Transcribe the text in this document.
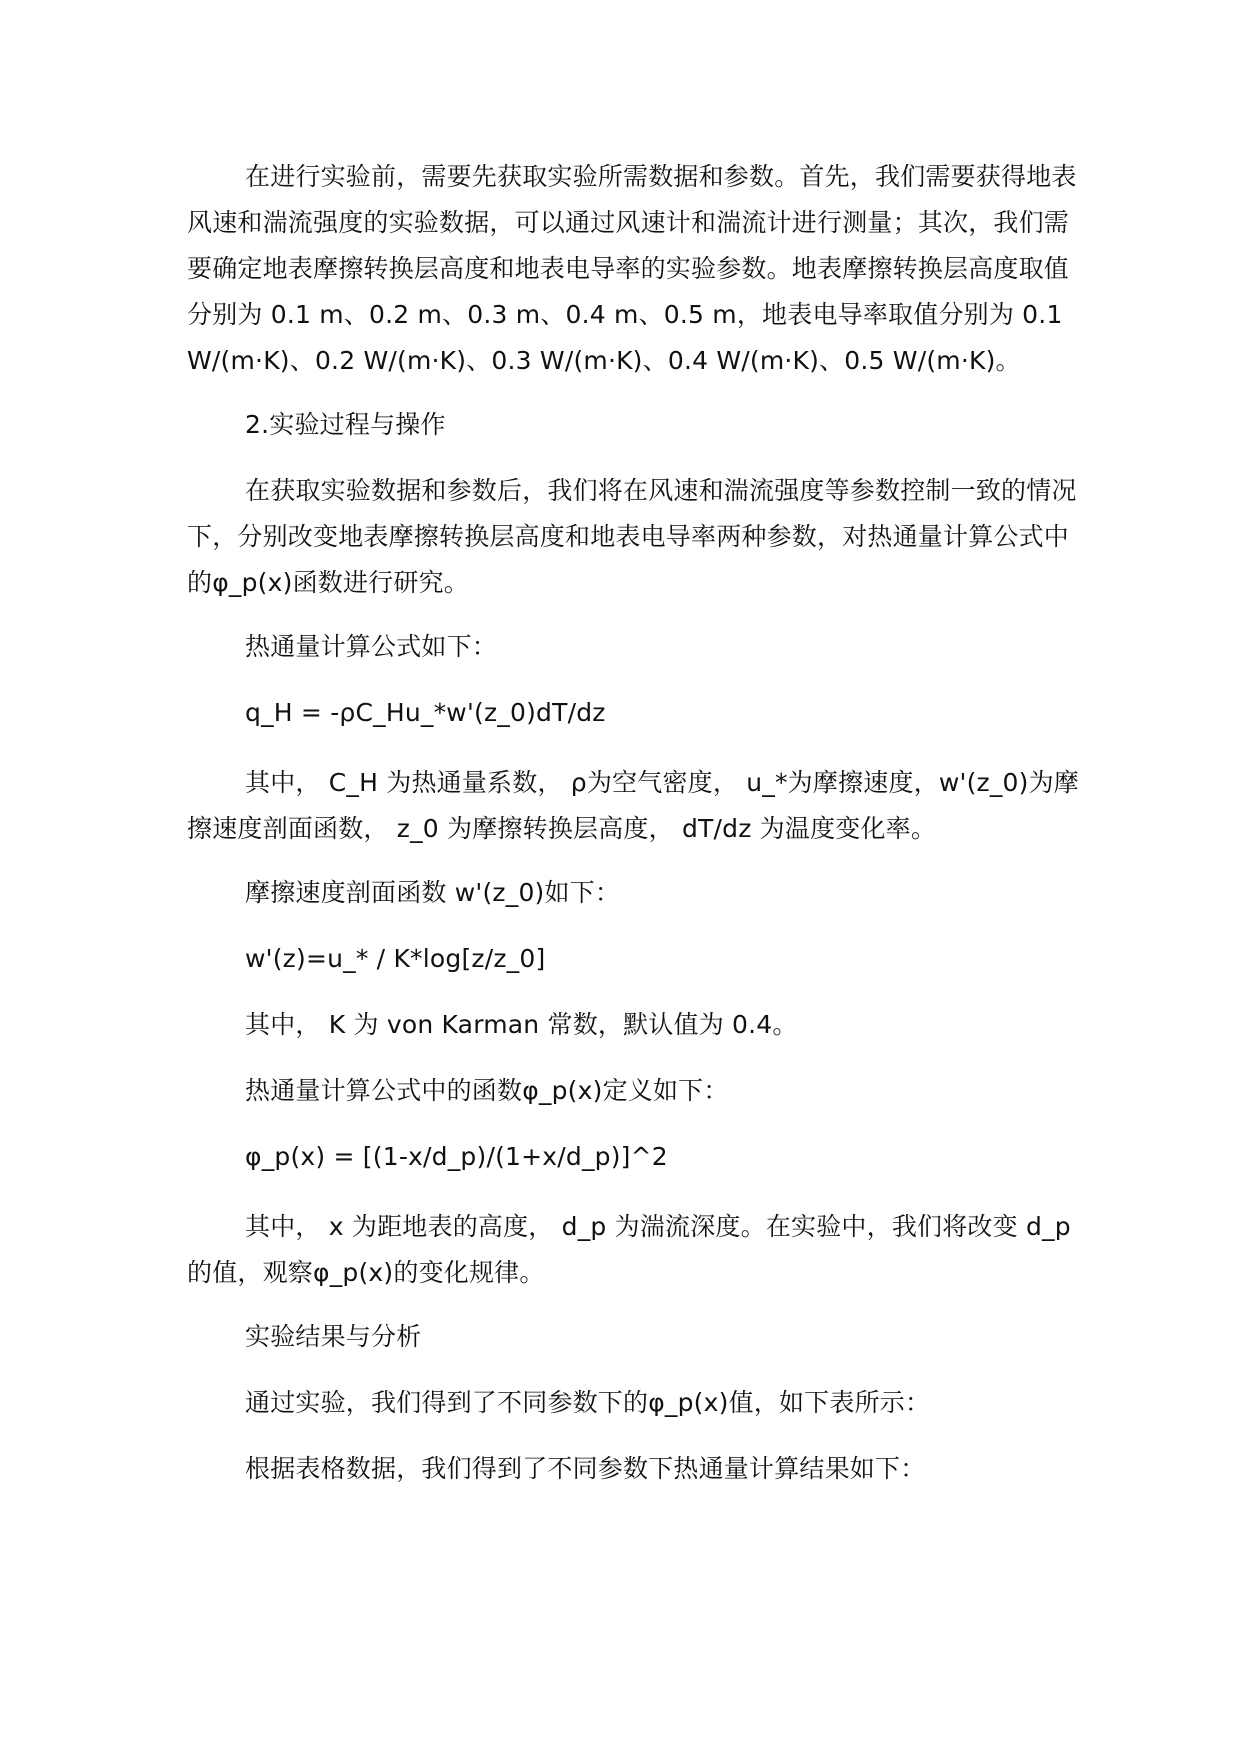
在进行实验前，需要先获取实验所需数据和参数。首先，我们需要获得地表风速和湍流强度的实验数据，可以通过风速计和湍流计进行测量；其次，我们需要确定地表摩擦转换层高度和地表电导率的实验参数。地表摩擦转换层高度取值分别为 0.1 m、0.2 m、0.3 m、0.4 m、0.5 m，地表电导率取值分别为 0.1 W/(m·K)、0.2 W/(m·K)、0.3 W/(m·K)、0.4 W/(m·K)、0.5 W/(m·K)。

2.实验过程与操作

在获取实验数据和参数后，我们将在风速和湍流强度等参数控制一致的情况下，分别改变地表摩擦转换层高度和地表电导率两种参数，对热通量计算公式中的φ_p(x)函数进行研究。

热通量计算公式如下：

q_H = -ρC_Hu_*w'(z_0)dT/dz

其中， C_H 为热通量系数， ρ为空气密度， u_*为摩擦速度，w'(z_0)为摩擦速度剖面函数， z_0 为摩擦转换层高度， dT/dz 为温度变化率。

摩擦速度剖面函数 w'(z_0)如下：

w'(z)=u_* / K*log[z/z_0]

其中， K 为 von Karman 常数，默认值为 0.4。

热通量计算公式中的函数φ_p(x)定义如下：

φ_p(x) = [(1-x/d_p)/(1+x/d_p)]^2

其中， x 为距地表的高度， d_p 为湍流深度。在实验中，我们将改变 d_p 的值，观察φ_p(x)的变化规律。

实验结果与分析

通过实验，我们得到了不同参数下的φ_p(x)值，如下表所示：

根据表格数据，我们得到了不同参数下热通量计算结果如下：
